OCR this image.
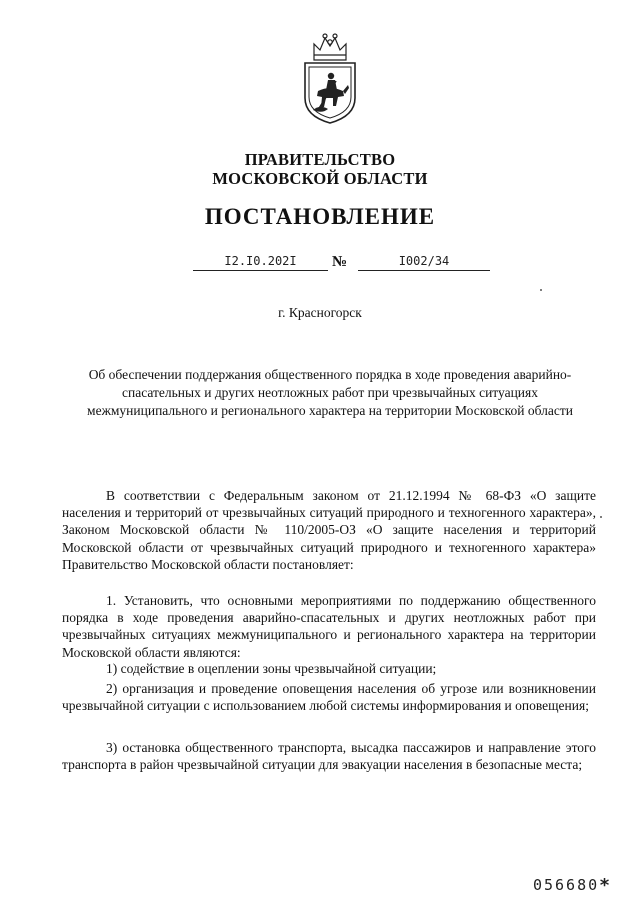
ПРАВИТЕЛЬСТВО
МОСКОВСКОЙ ОБЛАСТИ
ПОСТАНОВЛЕНИЕ
I2.I0.202I	№	I002/34
г. Красногорск
Об обеспечении поддержания общественного порядка в ходе проведения аварийно-спасательных и других неотложных работ при чрезвычайных ситуациях межмуниципального и регионального характера на территории Московской области

В соответствии с Федеральным законом от 21.12.1994 № 68-ФЗ «О защите населения и территорий от чрезвычайных ситуаций природного и техногенного характера», Законом Московской области № 110/2005-ОЗ «О защите населения и территорий Московской области от чрезвычайных ситуаций природного и техногенного характера» Правительство Московской области постановляет:

1. Установить, что основными мероприятиями по поддержанию общественного порядка в ходе проведения аварийно-спасательных и других неотложных работ при чрезвычайных ситуациях межмуниципального и регионального характера на территории Московской области являются:

1) содействие в оцеплении зоны чрезвычайной ситуации;

2) организация и проведение оповещения населения об угрозе или возникновении чрезвычайной ситуации с использованием любой системы информирования и оповещения;

3) остановка общественного транспорта, высадка пассажиров и направление этого транспорта в район чрезвычайной ситуации для эвакуации населения в безопасные места;

056680*
